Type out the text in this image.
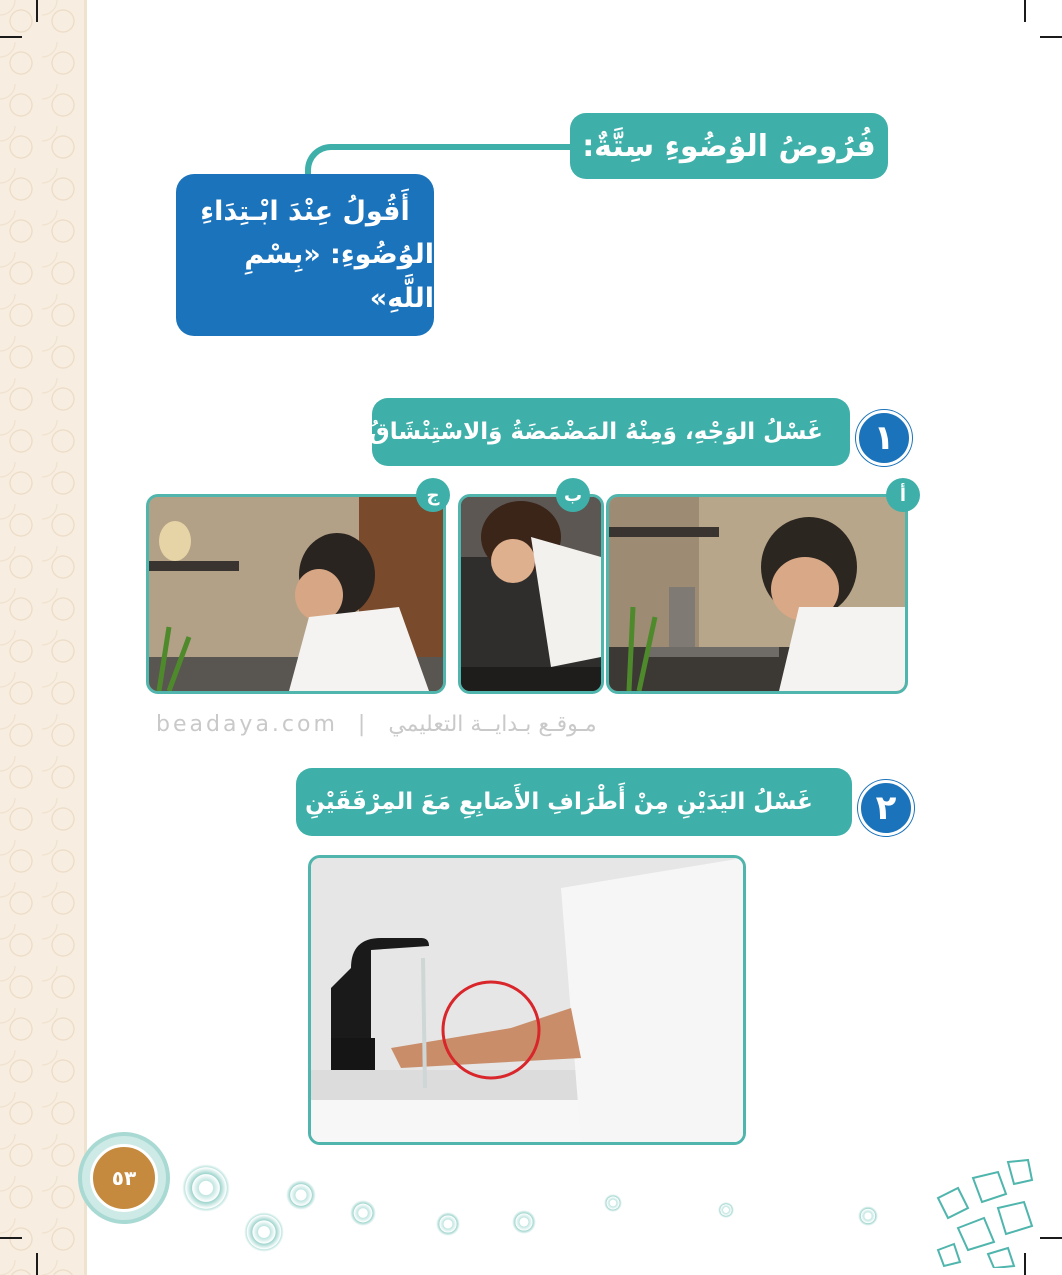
فُرُوضُ الوُضُوءِ سِتَّةٌ:
أَقُولُ عِنْدَ ابْـتِدَاءِ
الوُضُوءِ: «بِسْمِ اللَّهِ»
غَسْلُ الوَجْهِ، وَمِنْهُ المَضْمَضَةُ وَالاسْتِنْشَاقُ ١
أ
ب
ج
beadaya.com | مـوقـع بـدايــة التعليمي
غَسْلُ اليَدَيْنِ مِنْ أَطْرَافِ الأَصَابِعِ مَعَ المِرْفَقَيْنِ ٢
٥٣
